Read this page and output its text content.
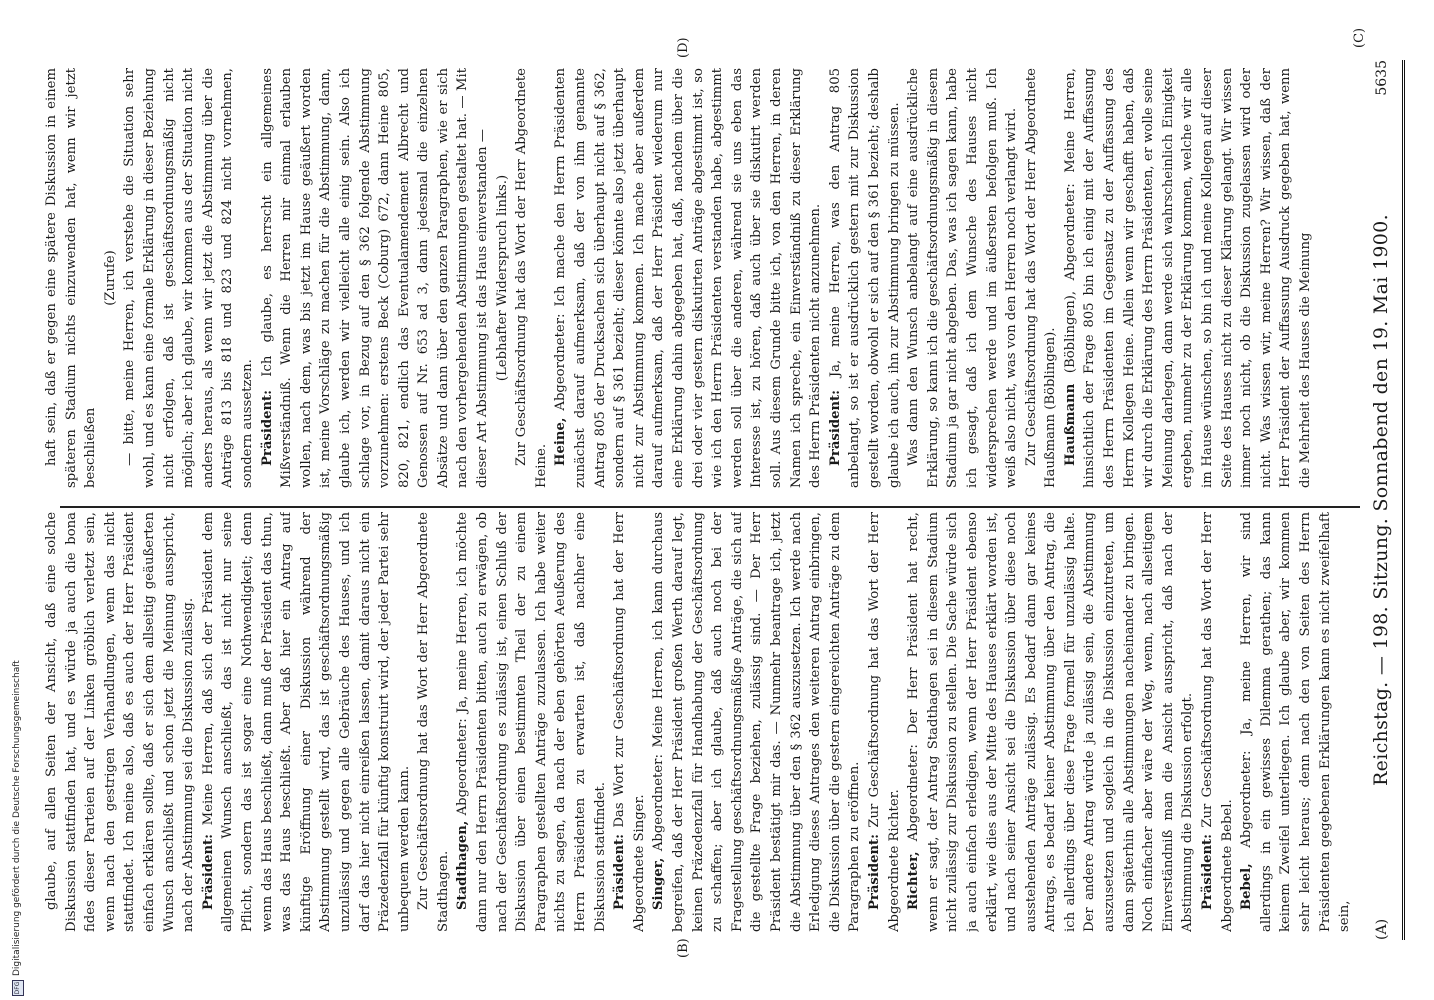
(A)
Reichstag. — 198. Sitzung. Sonnabend den 19. Mai 1900.
5635
(C)
(B)
(D)

glaube, auf allen Seiten der Ansicht, daß eine solche Diskussion stattfinden hat, und es würde ja auch die bona fides dieser Parteien auf der Linken gröblich verletzt sein, wenn nach den gestrigen Verhandlungen, wenn das nicht stattfindet. Ich meine also, daß es auch der Herr Präsident einfach erklären sollte, daß er sich dem allseitig geäußerten Wunsch anschließt und schon jetzt die Meinung ausspricht, nach der Abstimmung sei die Diskussion zulässig. Präsident: Meine Herren, daß sich der Präsident dem allgemeinen Wunsch anschließt, das ist nicht nur seine Pflicht, sondern das ist sogar eine Nothwendigkeit; denn wenn das Haus beschließt, dann muß der Präsident das thun, was das Haus beschließt. Aber daß hier ein Antrag auf künftige Eröffnung einer Diskussion während der Abstimmung gestellt wird, das ist geschäftsordnungsmäßig unzulässig und gegen alle Gebräuche des Hauses, und ich darf das hier nicht einreißen lassen, damit daraus nicht ein Präzedenzfall für künftig konstruirt wird, der jeder Partei sehr unbequem werden kann. Zur Geschäftsordnung hat das Wort der Herr Abgeordnete Stadthagen. Stadthagen, Abgeordneter: Ja, meine Herren, ich möchte dann nur den Herrn Präsidenten bitten, auch zu erwägen, ob nach der Geschäftsordnung es zulässig ist, einen Schluß der Diskussion über einen bestimmten Theil der zu einem Paragraphen gestellten Anträge zuzulassen. Ich habe weiter nichts zu sagen, da nach der eben gehörten Aeußerung des Herrn Präsidenten zu erwarten ist, daß nachher eine Diskussion stattfindet. Präsident: Das Wort zur Geschäftsordnung hat der Herr Abgeordnete Singer. Singer, Abgeordneter: Meine Herren, ich kann durchaus begreifen, daß der Herr Präsident großen Werth darauf legt, keinen Präzedenzfall für Handhabung der Geschäftsordnung zu schaffen; aber ich glaube, daß auch noch bei der Fragestellung geschäftsordnungsmäßige Anträge, die sich auf die gestellte Frage beziehen, zulässig sind. — Der Herr Präsident bestätigt mir das. — Nunmehr beantrage ich, jetzt die Abstimmung über den § 362 auszusetzen. Ich werde nach Erledigung dieses Antrages den weiteren Antrag einbringen, die Diskussion über die gestern eingereichten Anträge zu dem Paragraphen zu eröffnen. Präsident: Zur Geschäftsordnung hat das Wort der Herr Abgeordnete Richter. Richter, Abgeordneter: Der Herr Präsident hat recht, wenn er sagt, der Antrag Stadthagen sei in diesem Stadium nicht zulässig zur Diskussion zu stellen. Die Sache würde sich ja auch einfach erledigen, wenn der Herr Präsident ebenso erklärt, wie dies aus der Mitte des Hauses erklärt worden ist, und nach seiner Ansicht sei die Diskussion über diese noch ausstehenden Anträge zulässig. Es bedarf dann gar keines Antrags, es bedarf keiner Abstimmung über den Antrag, die ich allerdings über diese Frage formell für unzulässig halte. Der andere Antrag würde ja zulässig sein, die Abstimmung auszusetzen und sogleich in die Diskussion einzutreten, um dann späterhin alle Abstimmungen nacheinander zu bringen. Noch einfacher aber wäre der Weg, wenn, nach allseitigem Einverständniß man die Ansicht ausspricht, daß nach der Abstimmung die Diskussion erfolgt. Präsident: Zur Geschäftsordnung hat das Wort der Herr Abgeordnete Bebel. Bebel, Abgeordneter: Ja, meine Herren, wir sind allerdings in ein gewisses Dilemma gerathen; das kann keinem Zweifel unterliegen. Ich glaube aber, wir kommen sehr leicht heraus; denn nach den von Seiten des Herrn Präsidenten gegebenen Erklärungen kann es nicht zweifelhaft sein,

haft sein, daß er gegen eine spätere Diskussion in einem späteren Stadium nichts einzuwenden hat, wenn wir jetzt beschließen

(Zurufe) — bitte, meine Herren, ich verstehe die Situation sehr wohl, und es kann eine formale Erklärung in dieser Beziehung nicht erfolgen, daß ist geschäftsordnungsmäßig nicht möglich; aber ich glaube, wir kommen aus der Situation nicht anders heraus, als wenn wir jetzt die Abstimmung über die Anträge 813 bis 818 und 823 und 824 nicht vornehmen, sondern aussetzen. Präsident: Ich glaube, es herrscht ein allgemeines Mißverständniß. Wenn die Herren mir einmal erlauben wollen, nach dem, was bis jetzt im Hause geäußert worden ist, meine Vorschläge zu machen für die Abstimmung, dann, glaube ich, werden wir vielleicht alle einig sein. Also ich schlage vor, in Bezug auf den § 362 folgende Abstimmung vorzunehmen: erstens Beck (Coburg) 672, dann Heine 805, 820, 821, endlich das Eventualamendement Albrecht und Genossen auf Nr. 653 ad 3, dann jedesmal die einzelnen Absätze und dann über den ganzen Paragraphen, wie er sich nach den vorhergehenden Abstimmungen gestaltet hat. — Mit dieser Art Abstimmung ist das Haus einverstanden — (Lebhafter Widerspruch links.) Zur Geschäftsordnung hat das Wort der Herr Abgeordnete Heine. Heine, Abgeordneter: Ich mache den Herrn Präsidenten zunächst darauf aufmerksam, daß der von ihm genannte Antrag 805 der Drucksachen sich überhaupt nicht auf § 362, sondern auf § 361 bezieht; dieser könnte also jetzt überhaupt nicht zur Abstimmung kommen. Ich mache aber außerdem darauf aufmerksam, daß der Herr Präsident wiederum nur eine Erklärung dahin abgegeben hat, daß, nachdem über die drei oder vier gestern diskutirten Anträge abgestimmt ist, so wie ich den Herrn Präsidenten verstanden habe, abgestimmt werden soll über die anderen, während sie uns eben das Interesse ist, zu hören, daß auch über sie diskutirt werden soll. Aus diesem Grunde bitte ich, von den Herren, in deren Namen ich spreche, ein Einverständniß zu dieser Erklärung des Herrn Präsidenten nicht anzunehmen. Präsident: Ja, meine Herren, was den Antrag 805 anbelangt, so ist er ausdrücklich gestern mit zur Diskussion gestellt worden, obwohl er sich auf den § 361 bezieht; deshalb glaube ich auch, ihn zur Abstimmung bringen zu müssen. Was dann den Wunsch anbelangt auf eine ausdrückliche Erklärung, so kann ich die geschäftsordnungsmäßig in diesem Stadium ja gar nicht abgeben. Das, was ich sagen kann, habe ich gesagt, daß ich dem Wunsche des Hauses nicht widersprechen werde und im äußersten befolgen muß. Ich weiß also nicht, was von den Herren noch verlangt wird. Zur Geschäftsordnung hat das Wort der Herr Abgeordnete Haußmann (Böblingen). Haußmann (Böblingen), Abgeordneter: Meine Herren, hinsichtlich der Frage 805 bin ich einig mit der Auffassung des Herrn Präsidenten im Gegensatz zu der Auffassung des Herrn Kollegen Heine. Allein wenn wir geschafft haben, daß wir durch die Erklärung des Herrn Präsidenten, er wolle seine Meinung darlegen, dann werde sich wahrscheinlich Einigkeit ergeben, nunmehr zu der Erklärung kommen, welche wir alle im Hause wünschen, so bin ich und meine Kollegen auf dieser Seite des Hauses nicht zu dieser Klärung gelangt. Wir wissen immer noch nicht, ob die Diskussion zugelassen wird oder nicht. Was wissen wir, meine Herren? Wir wissen, daß der Herr Präsident der Auffassung Ausdruck gegeben hat, wenn die Mehrheit des Hauses die Meinung

DFG
Digitalisierung gefördert durch die Deutsche Forschungsgemeinschaft
